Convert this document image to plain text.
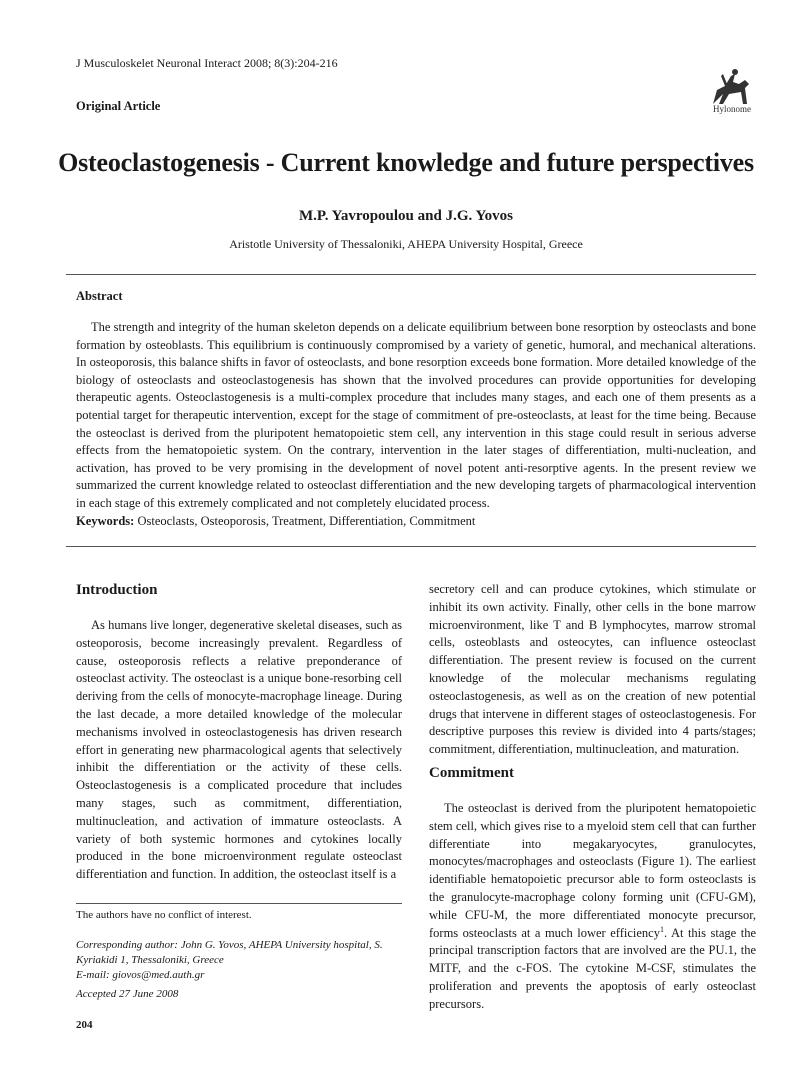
J Musculoskelet Neuronal Interact 2008; 8(3):204-216
Original Article	Hylonome
Osteoclastogenesis - Current knowledge and future perspectives
M.P. Yavropoulou and J.G. Yovos
Aristotle University of Thessaloniki, AHEPA University Hospital, Greece
Abstract

The strength and integrity of the human skeleton depends on a delicate equilibrium between bone resorption by osteoclasts and bone formation by osteoblasts. This equilibrium is continuously compromised by a variety of genetic, humoral, and mechanical alterations. In osteoporosis, this balance shifts in favor of osteoclasts, and bone resorption exceeds bone formation. More detailed knowledge of the biology of osteoclasts and osteoclastogenesis has shown that the involved procedures can provide opportunities for developing therapeutic agents. Osteoclastogenesis is a multi-complex procedure that includes many stages, and each one of them presents as a potential target for therapeutic intervention, except for the stage of commitment of pre-osteoclasts, at least for the time being. Because the osteoclast is derived from the pluripotent hematopoietic stem cell, any intervention in this stage could result in serious adverse effects from the hematopoietic system. On the contrary, intervention in the later stages of differentiation, multi-nucleation, and activation, has proved to be very promising in the development of novel potent anti-resorptive agents. In the present review we summarized the current knowledge related to osteoclast differentiation and the new developing targets of pharmacological intervention in each stage of this extremely complicated and not completely elucidated process.

Keywords: Osteoclasts, Osteoporosis, Treatment, Differentiation, Commitment
Introduction

As humans live longer, degenerative skeletal diseases, such as osteoporosis, become increasingly prevalent. Regardless of cause, osteoporosis reflects a relative preponderance of osteoclast activity. The osteoclast is a unique bone-resorbing cell deriving from the cells of monocyte-macrophage lineage. During the last decade, a more detailed knowledge of the molecular mechanisms involved in osteoclastogenesis has driven research effort in generating new pharmacological agents that selectively inhibit the differentiation or the activity of these cells. Osteoclastogenesis is a complicated procedure that includes many stages, such as commitment, differentiation, multinucleation, and activation of immature osteoclasts. A variety of both systemic hormones and cytokines locally produced in the bone microenvironment regulate osteoclast differentiation and function. In addition, the osteoclast itself is a

The authors have no conflict of interest.
Corresponding author: John G. Yovos, AHEPA University hospital, S. Kyriakidi 1, Thessaloniki, Greece
E-mail: giovos@med.auth.gr
Accepted 27 June 2008

secretory cell and can produce cytokines, which stimulate or inhibit its own activity. Finally, other cells in the bone marrow microenvironment, like T and B lymphocytes, marrow stromal cells, osteoblasts and osteocytes, can influence osteoclast differentiation. The present review is focused on the current knowledge of the molecular mechanisms regulating osteoclastogenesis, as well as on the creation of new potential drugs that intervene in different stages of osteoclastogenesis. For descriptive purposes this review is divided into 4 parts/stages; commitment, differentiation, multinucleation, and maturation.

Commitment

The osteoclast is derived from the pluripotent hematopoietic stem cell, which gives rise to a myeloid stem cell that can further differentiate into megakaryocytes, granulocytes, monocytes/macrophages and osteoclasts (Figure 1). The earliest identifiable hematopoietic precursor able to form osteoclasts is the granulocyte-macrophage colony forming unit (CFU-GM), while CFU-M, the more differentiated monocyte precursor, forms osteoclasts at a much lower efficiency$^1$. At this stage the principal transcription factors that are involved are the PU.1, the MITF, and the c-FOS. The cytokine M-CSF, stimulates the proliferation and prevents the apoptosis of early osteoclast precursors.

204
